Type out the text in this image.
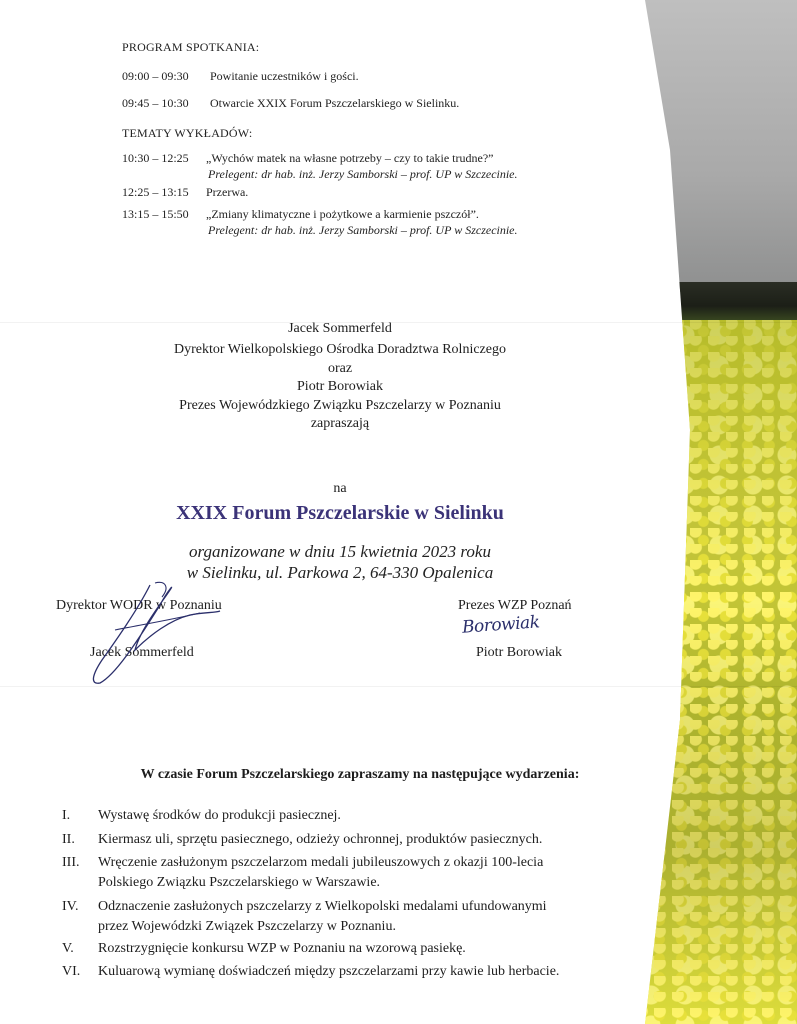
PROGRAM SPOTKANIA:
09:00 – 09:30 Powitanie uczestników i gości.
09:45 – 10:30 Otwarcie XXIX Forum Pszczelarskiego w Sielinku.
TEMATY WYKŁADÓW:
10:30 – 12:25 „Wychów matek na własne potrzeby – czy to takie trudne?”
Prelegent: dr hab. inż. Jerzy Samborski – prof. UP w Szczecinie.
12:25 – 13:15 Przerwa.
13:15 – 15:50 „Zmiany klimatyczne i pożytkowe a karmienie pszczół”.
Prelegent: dr hab. inż. Jerzy Samborski – prof. UP w Szczecinie.
Jacek Sommerfeld
Dyrektor Wielkopolskiego Ośrodka Doradztwa Rolniczego
oraz
Piotr Borowiak
Prezes Wojewódzkiego Związku Pszczelarzy w Poznaniu
zapraszają
na
XXIX Forum Pszczelarskie w Sielinku
organizowane w dniu 15 kwietnia 2023 roku
w Sielinku, ul. Parkowa 2, 64-330 Opalenica
Dyrektor WODR w Poznaniu
Jacek Sommerfeld
Prezes WZP Poznań
Piotr Borowiak
Borowiak
W czasie Forum Pszczelarskiego zapraszamy na następujące wydarzenia:
I.	Wystawę środków do produkcji pasiecznej.
II.	Kiermasz uli, sprzętu pasiecznego, odzieży ochronnej, produktów pasiecznych.
III.	Wręczenie zasłużonym pszczelarzom medali jubileuszowych z okazji 100-lecia
Polskiego Związku Pszczelarskiego w Warszawie.
IV.	Odznaczenie zasłużonych pszczelarzy z Wielkopolski medalami ufundowanymi
przez Wojewódzki Związek Pszczelarzy w Poznaniu.
V.	Rozstrzygnięcie konkursu WZP w Poznaniu na wzorową pasiekę.
VI.	Kuluarową wymianę doświadczeń między pszczelarzami przy kawie lub herbacie.
